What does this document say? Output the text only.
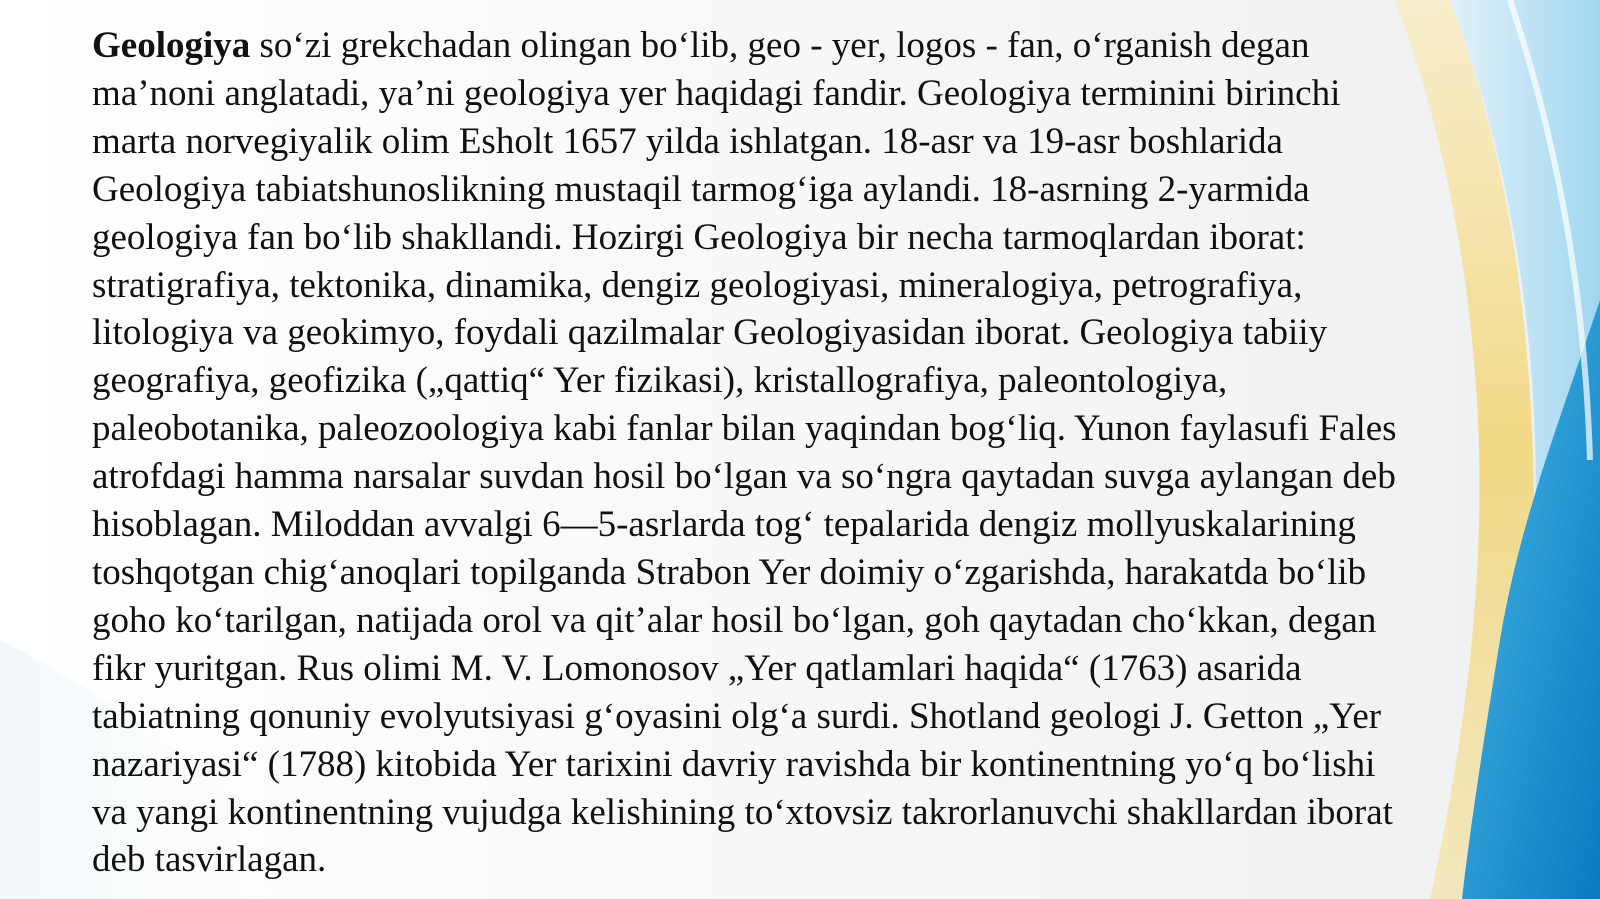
Geologiya so‘zi grekchadan olingan bo‘lib, geo - yer, logos - fan, o‘rganish degan
ma’noni anglatadi, ya’ni geologiya yer haqidagi fandir. Geologiya terminini birinchi
marta norvegiyalik olim Esholt 1657 yilda ishlatgan. 18-asr va 19-asr boshlarida
Geologiya tabiatshunoslikning mustaqil tarmog‘iga aylandi. 18-asrning 2-yarmida
geologiya fan bo‘lib shakllandi. Hozirgi Geologiya bir necha tarmoqlardan iborat:
stratigrafiya, tektonika, dinamika, dengiz geologiyasi, mineralogiya, petrografiya,
litologiya va geokimyo, foydali qazilmalar Geologiyasidan iborat. Geologiya tabiiy
geografiya, geofizika („qattiq“ Yer fizikasi), kristallografiya, paleontologiya,
paleobotanika, paleozoologiya kabi fanlar bilan yaqindan bog‘liq. Yunon faylasufi Fales
atrofdagi hamma narsalar suvdan hosil bo‘lgan va so‘ngra qaytadan suvga aylangan deb
hisoblagan. Miloddan avvalgi 6—5-asrlarda tog‘ tepalarida dengiz mollyuskalarining
toshqotgan chig‘anoqlari topilganda Strabon Yer doimiy o‘zgarishda, harakatda bo‘lib
goho ko‘tarilgan, natijada orol va qit’alar hosil bo‘lgan, goh qaytadan cho‘kkan, degan
fikr yuritgan. Rus olimi M. V. Lomonosov „Yer qatlamlari haqida“ (1763) asarida
tabiatning qonuniy evolyutsiyasi g‘oyasini olg‘a surdi. Shotland geologi J. Getton „Yer
nazariyasi“ (1788) kitobida Yer tarixini davriy ravishda bir kontinentning yo‘q bo‘lishi
va yangi kontinentning vujudga kelishining to‘xtovsiz takrorlanuvchi shakllardan iborat
deb tasvirlagan.
